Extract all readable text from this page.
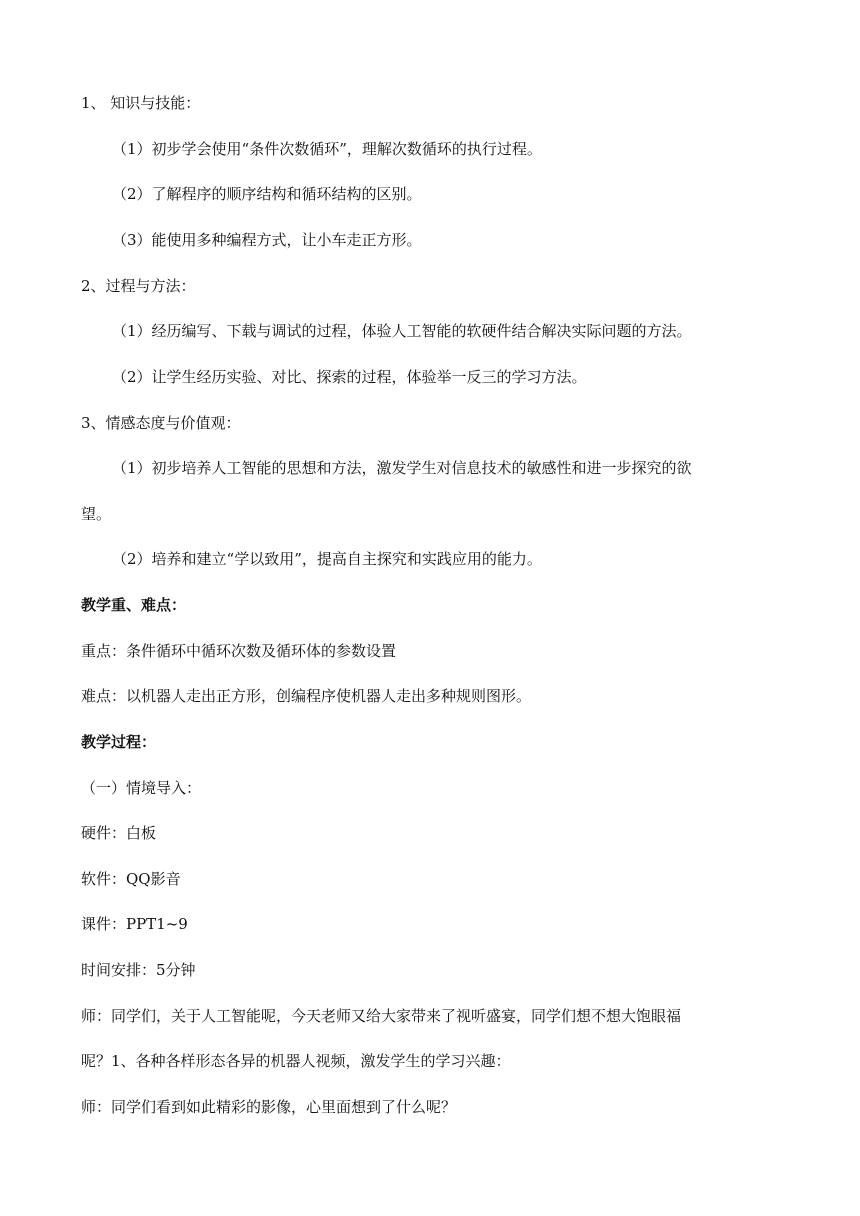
1、 知识与技能：
（1）初步学会使用“条件次数循环”，理解次数循环的执行过程。
（2）了解程序的顺序结构和循环结构的区别。
（3）能使用多种编程方式，让小车走正方形。
2、过程与方法：
（1）经历编写、下载与调试的过程，体验人工智能的软硬件结合解决实际问题的方法。
（2）让学生经历实验、对比、探索的过程，体验举一反三的学习方法。
3、情感态度与价值观：
（1）初步培养人工智能的思想和方法，激发学生对信息技术的敏感性和进一步探究的欲
望。
（2）培养和建立“学以致用”，提高自主探究和实践应用的能力。
教学重、难点：
重点：条件循环中循环次数及循环体的参数设置
难点：以机器人走出正方形，创编程序使机器人走出多种规则图形。
教学过程：
（一）情境导入：
硬件：白板
软件：QQ影音
课件：PPT1~9
时间安排：5分钟
师：同学们，关于人工智能呢，今天老师又给大家带来了视听盛宴，同学们想不想大饱眼福
呢？1、各种各样形态各异的机器人视频，激发学生的学习兴趣：
师：同学们看到如此精彩的影像，心里面想到了什么呢？
